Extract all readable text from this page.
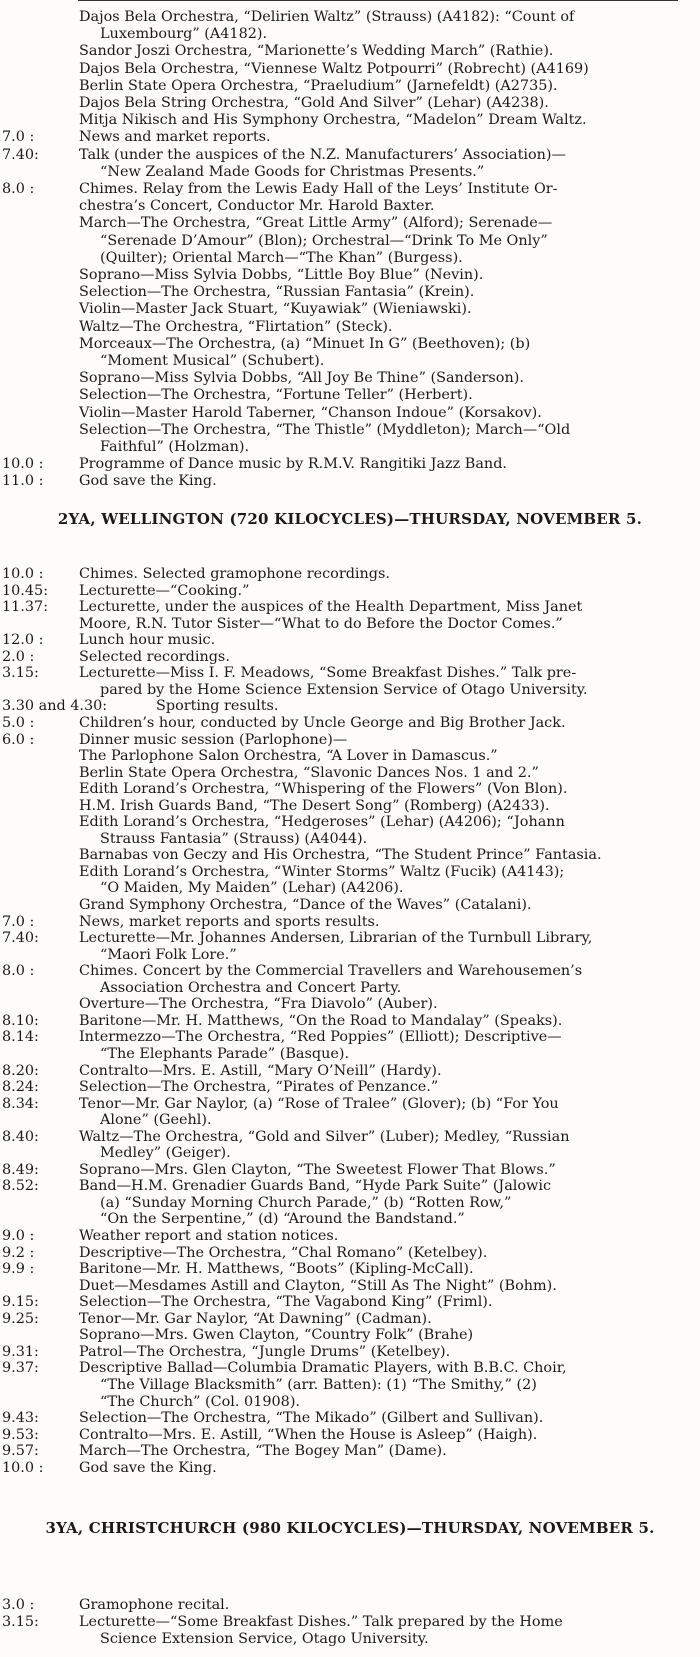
Dajos Bela Orchestra, “Delirien Waltz” (Strauss) (A4182): “Count of
Luxembourg” (A4182).
Sandor Joszi Orchestra, “Marionette’s Wedding March” (Rathie).
Dajos Bela Orchestra, “Viennese Waltz Potpourri” (Robrecht) (A4169)
Berlin State Opera Orchestra, “Praeludium” (Jarnefeldt) (A2735).
Dajos Bela String Orchestra, “Gold And Silver” (Lehar) (A4238).
Mitja Nikisch and His Symphony Orchestra, “Madelon” Dream Waltz.
7.0 :	News and market reports.
7.40:	Talk (under the auspices of the N.Z. Manufacturers’ Association)—
“New Zealand Made Goods for Christmas Presents.”
8.0 :	Chimes. Relay from the Lewis Eady Hall of the Leys’ Institute Or-
chestra’s Concert, Conductor Mr. Harold Baxter.
March—The Orchestra, “Great Little Army” (Alford); Serenade—
“Serenade D’Amour” (Blon); Orchestral—“Drink To Me Only”
(Quilter); Oriental March—“The Khan” (Burgess).
Soprano—Miss Sylvia Dobbs, “Little Boy Blue” (Nevin).
Selection—The Orchestra, “Russian Fantasia” (Krein).
Violin—Master Jack Stuart, “Kuyawiak” (Wieniawski).
Waltz—The Orchestra, “Flirtation” (Steck).
Morceaux—The Orchestra, (a) “Minuet In G” (Beethoven); (b)
“Moment Musical” (Schubert).
Soprano—Miss Sylvia Dobbs, “All Joy Be Thine” (Sanderson).
Selection—The Orchestra, “Fortune Teller” (Herbert).
Violin—Master Harold Taberner, “Chanson Indoue” (Korsakov).
Selection—The Orchestra, “The Thistle” (Myddleton); March—“Old
Faithful” (Holzman).
10.0 :	Programme of Dance music by R.M.V. Rangitiki Jazz Band.
11.0 :	God save the King.
2YA, WELLINGTON (720 KILOCYCLES)—THURSDAY, NOVEMBER 5.
10.0 :	Chimes. Selected gramophone recordings.
10.45:	Lecturette—“Cooking.”
11.37:	Lecturette, under the auspices of the Health Department, Miss Janet
Moore, R.N. Tutor Sister—“What to do Before the Doctor Comes.”
12.0 :	Lunch hour music.
2.0 :	Selected recordings.
3.15:	Lecturette—Miss I. F. Meadows, “Some Breakfast Dishes.” Talk pre-
pared by the Home Science Extension Service of Otago University.
3.30 and 4.30:	Sporting results.
5.0 :	Children’s hour, conducted by Uncle George and Big Brother Jack.
6.0 :	Dinner music session (Parlophone)—
The Parlophone Salon Orchestra, “A Lover in Damascus.”
Berlin State Opera Orchestra, “Slavonic Dances Nos. 1 and 2.”
Edith Lorand’s Orchestra, “Whispering of the Flowers” (Von Blon).
H.M. Irish Guards Band, “The Desert Song” (Romberg) (A2433).
Edith Lorand’s Orchestra, “Hedgeroses” (Lehar) (A4206); “Johann
Strauss Fantasia” (Strauss) (A4044).
Barnabas von Geczy and His Orchestra, “The Student Prince” Fantasia.
Edith Lorand’s Orchestra, “Winter Storms” Waltz (Fucik) (A4143);
“O Maiden, My Maiden” (Lehar) (A4206).
Grand Symphony Orchestra, “Dance of the Waves” (Catalani).
7.0 :	News, market reports and sports results.
7.40:	Lecturette—Mr. Johannes Andersen, Librarian of the Turnbull Library,
“Maori Folk Lore.”
8.0 :	Chimes. Concert by the Commercial Travellers and Warehousemen’s
Association Orchestra and Concert Party.
Overture—The Orchestra, “Fra Diavolo” (Auber).
8.10:	Baritone—Mr. H. Matthews, “On the Road to Mandalay” (Speaks).
8.14:	Intermezzo—The Orchestra, “Red Poppies” (Elliott); Descriptive—
“The Elephants Parade” (Basque).
8.20:	Contralto—Mrs. E. Astill, “Mary O’Neill” (Hardy).
8.24:	Selection—The Orchestra, “Pirates of Penzance.”
8.34:	Tenor—Mr. Gar Naylor, (a) “Rose of Tralee” (Glover); (b) “For You
Alone” (Geehl).
8.40:	Waltz—The Orchestra, “Gold and Silver” (Luber); Medley, “Russian
Medley” (Geiger).
8.49:	Soprano—Mrs. Glen Clayton, “The Sweetest Flower That Blows.”
8.52:	Band—H.M. Grenadier Guards Band, “Hyde Park Suite” (Jalowic
(a) “Sunday Morning Church Parade,” (b) “Rotten Row,”
“On the Serpentine,” (d) “Around the Bandstand.”
9.0 :	Weather report and station notices.
9.2 :	Descriptive—The Orchestra, “Chal Romano” (Ketelbey).
9.9 :	Baritone—Mr. H. Matthews, “Boots” (Kipling-McCall).
Duet—Mesdames Astill and Clayton, “Still As The Night” (Bohm).
9.15:	Selection—The Orchestra, “The Vagabond King” (Friml).
9.25:	Tenor—Mr. Gar Naylor, “At Dawning” (Cadman).
Soprano—Mrs. Gwen Clayton, “Country Folk” (Brahe)
9.31:	Patrol—The Orchestra, “Jungle Drums” (Ketelbey).
9.37:	Descriptive Ballad—Columbia Dramatic Players, with B.B.C. Choir,
“The Village Blacksmith” (arr. Batten): (1) “The Smithy,” (2)
“The Church” (Col. 01908).
9.43:	Selection—The Orchestra, “The Mikado” (Gilbert and Sullivan).
9.53:	Contralto—Mrs. E. Astill, “When the House is Asleep” (Haigh).
9.57:	March—The Orchestra, “The Bogey Man” (Dame).
10.0 :	God save the King.
3YA, CHRISTCHURCH (980 KILOCYCLES)—THURSDAY, NOVEMBER 5.
3.0 :	Gramophone recital.
3.15:	Lecturette—“Some Breakfast Dishes.” Talk prepared by the Home
Science Extension Service, Otago University.
